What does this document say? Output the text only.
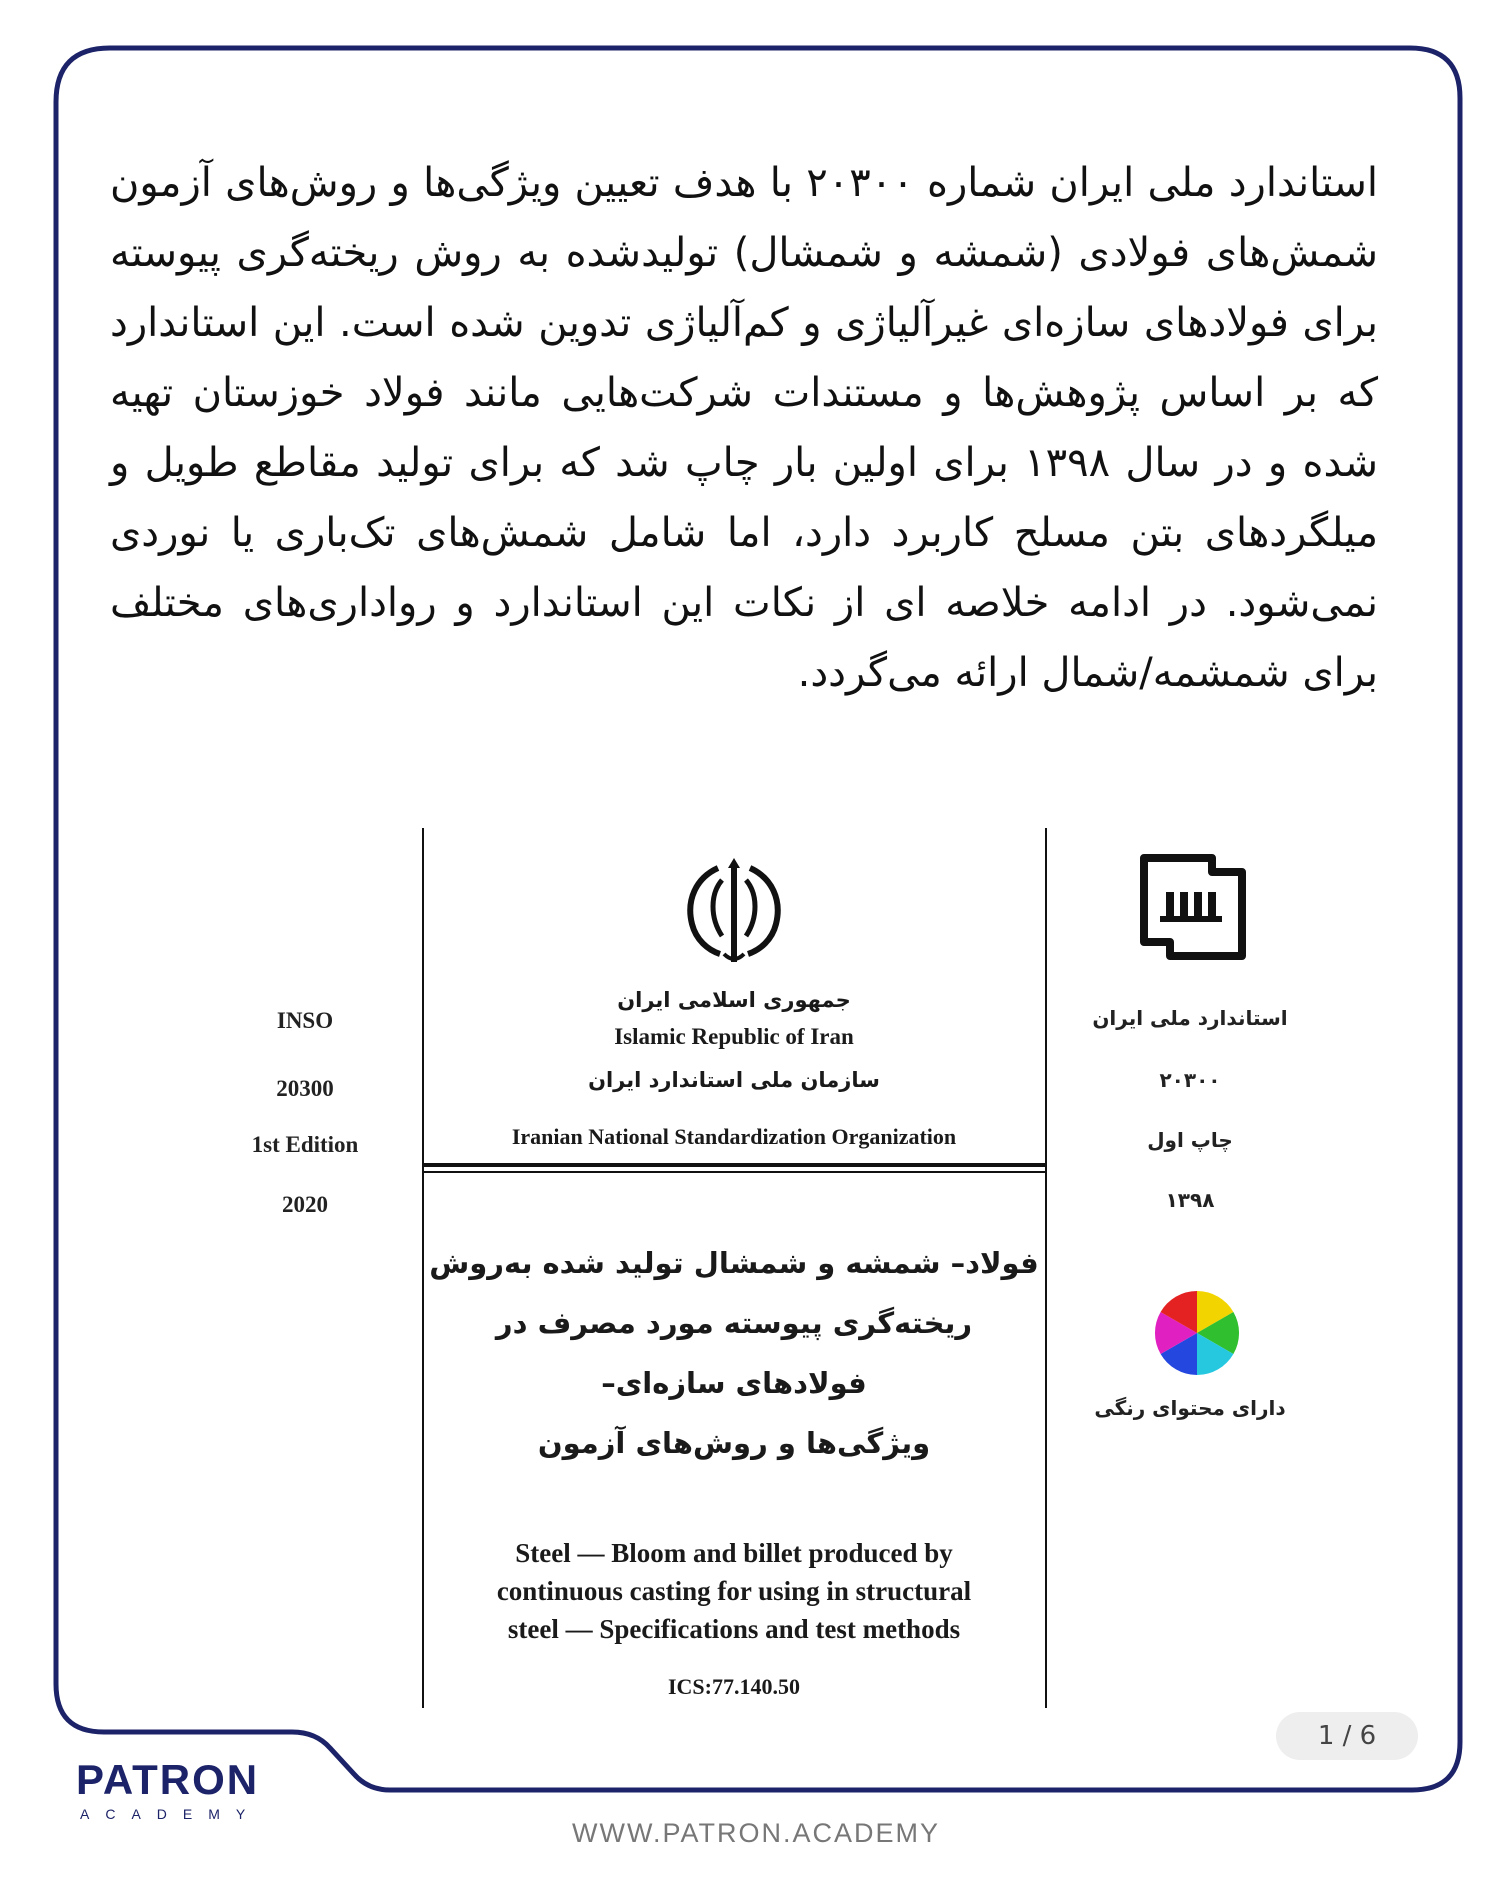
استاندارد ملی ایران شماره ۲۰۳۰۰ با هدف تعیین ویژگی‌ها و روش‌های آزمون شمش‌های فولادی (شمشه و شمشال) تولیدشده به روش ریخته‌گری پیوسته برای فولادهای سازه‌ای غیرآلیاژی و کم‌آلیاژی تدوین شده است. این استاندارد که بر اساس پژوهش‌ها و مستندات شرکت‌هایی مانند فولاد خوزستان تهیه شده و در سال ۱۳۹۸ برای اولین بار چاپ شد که برای تولید مقاطع طویل و میلگردهای بتن مسلح کاربرد دارد، اما شامل شمش‌های تک‌باری یا نوردی نمی‌شود. در ادامه خلاصه ای از نکات این استاندارد و رواداری‌های مختلف برای شمشمه/شمال ارائه می‌گردد.

INSO
20300
1st Edition
2020
جمهوری اسلامی ایران
Islamic Republic of Iran
سازمان ملی استاندارد ایران
Iranian National Standardization Organization
فولاد– شمشه و شمشال تولید شده به‌روش
ریخته‌گری پیوسته مورد مصرف در
فولادهای سازه‌ای–
ویژگی‌ها و روش‌های آزمون
Steel — Bloom and billet produced by
continuous casting for using in structural
steel — Specifications and test methods
ICS:77.140.50
استاندارد ملی ایران
۲۰۳۰۰
چاپ اول
۱۳۹۸
دارای محتوای رنگی
1 / 6
PATRON
ACADEMY
WWW.PATRON.ACADEMY
